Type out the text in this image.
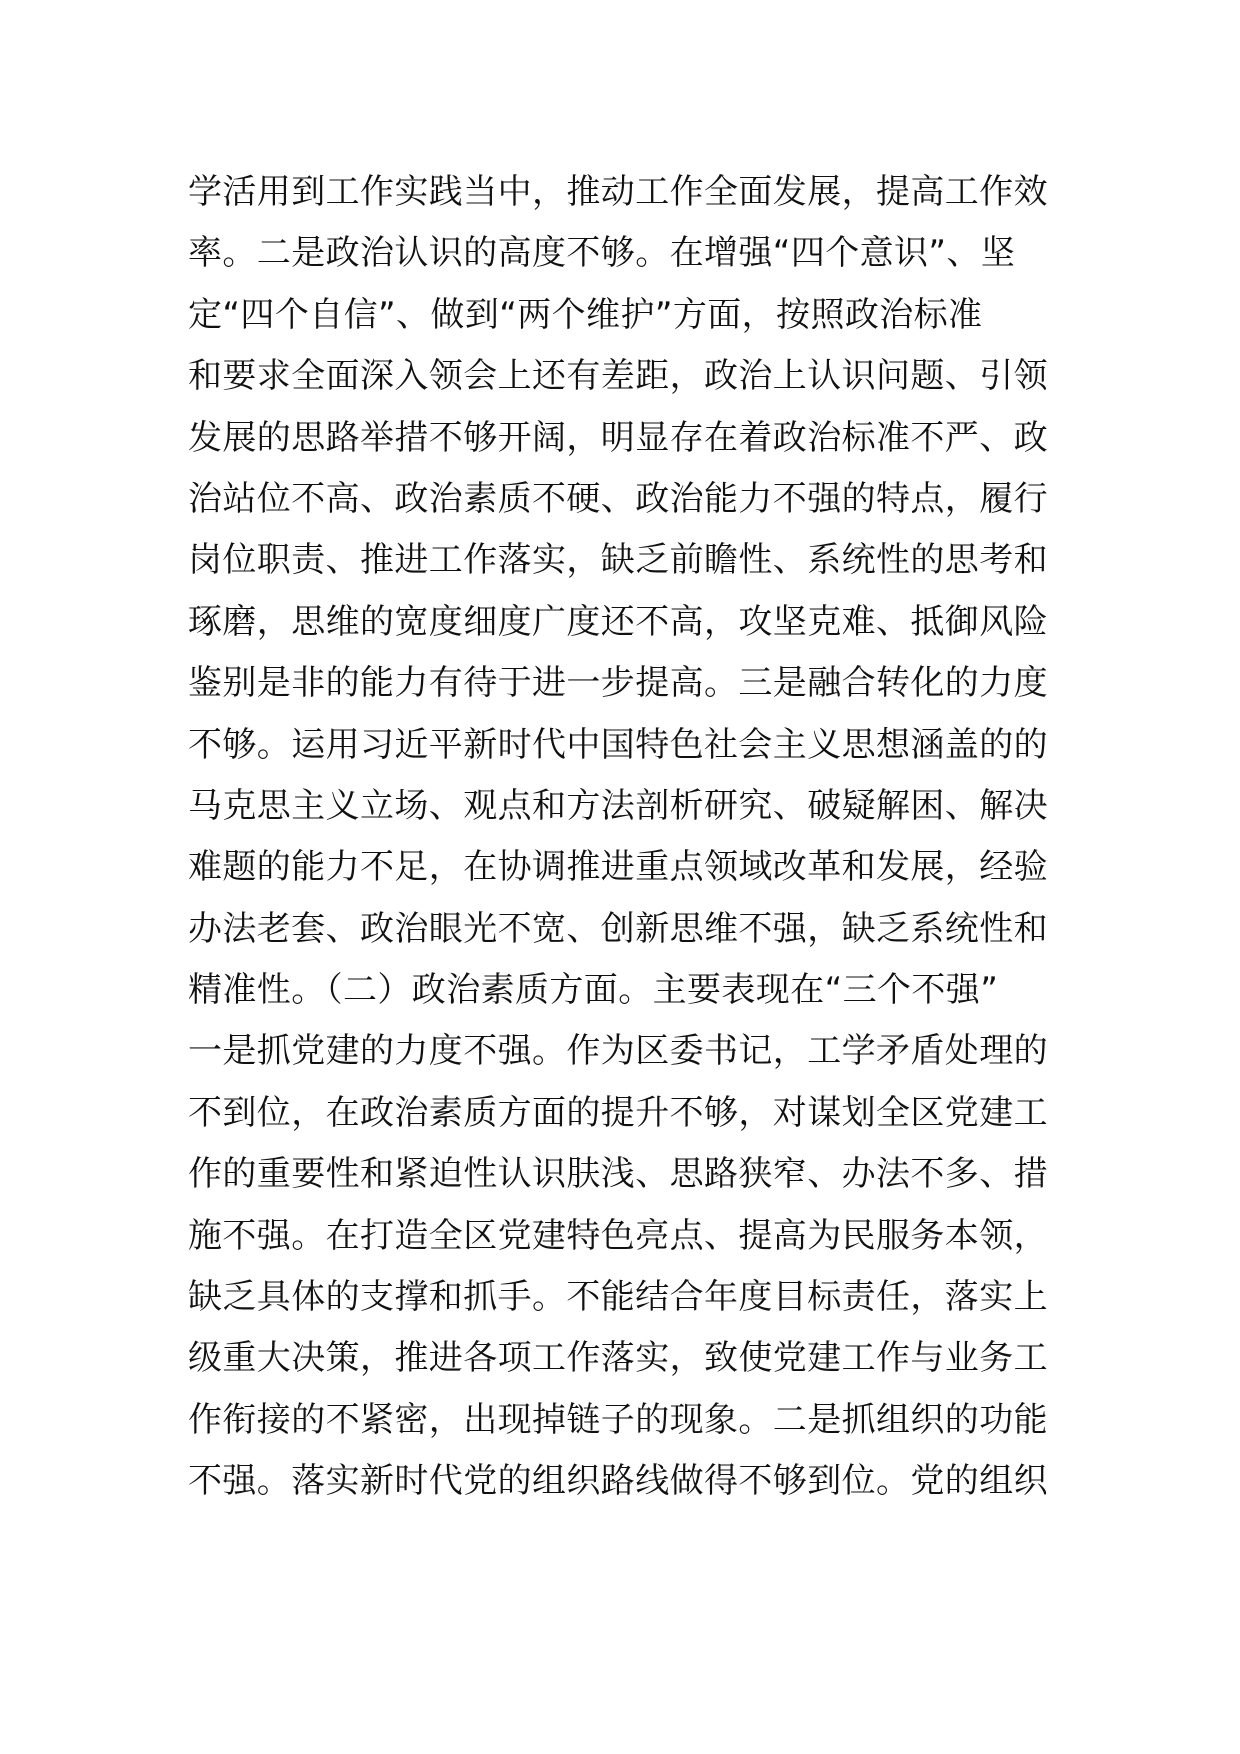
学活用到工作实践当中，推动工作全面发展，提高工作效
率。二是政治认识的高度不够。在增强“四个意识”、坚
定“四个自信”、做到“两个维护”方面，按照政治标准
和要求全面深入领会上还有差距，政治上认识问题、引领
发展的思路举措不够开阔，明显存在着政治标准不严、政
治站位不高、政治素质不硬、政治能力不强的特点，履行
岗位职责、推进工作落实，缺乏前瞻性、系统性的思考和
琢磨，思维的宽度细度广度还不高，攻坚克难、抵御风险
鉴别是非的能力有待于进一步提高。三是融合转化的力度
不够。运用习近平新时代中国特色社会主义思想涵盖的的
马克思主义立场、观点和方法剖析研究、破疑解困、解决
难题的能力不足，在协调推进重点领域改革和发展，经验
办法老套、政治眼光不宽、创新思维不强，缺乏系统性和
精准性。（二）政治素质方面。主要表现在“三个不强”
一是抓党建的力度不强。作为区委书记，工学矛盾处理的
不到位，在政治素质方面的提升不够，对谋划全区党建工
作的重要性和紧迫性认识肤浅、思路狭窄、办法不多、措
施不强。在打造全区党建特色亮点、提高为民服务本领，
缺乏具体的支撑和抓手。不能结合年度目标责任，落实上
级重大决策，推进各项工作落实，致使党建工作与业务工
作衔接的不紧密，出现掉链子的现象。二是抓组织的功能
不强。落实新时代党的组织路线做得不够到位。党的组织
